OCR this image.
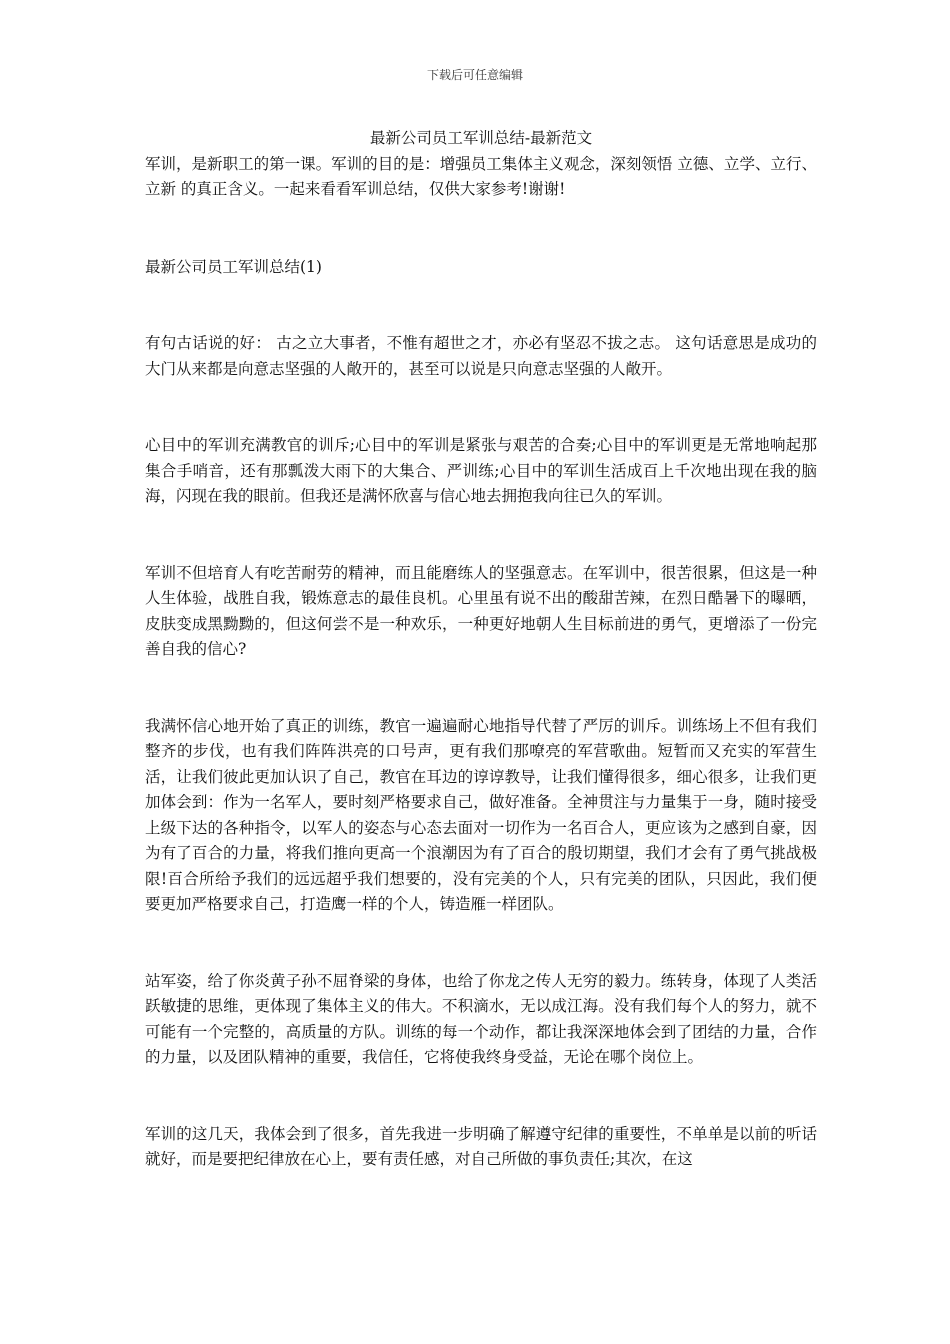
下载后可任意编辑
最新公司员工军训总结-最新范文

军训，是新职工的第一课。军训的目的是：增强员工集体主义观念，深刻领悟 立德、立学、立行、立新 的真正含义。一起来看看军训总结，仅供大家参考!谢谢!

最新公司员工军训总结(1)

有句古话说的好： 古之立大事者，不惟有超世之才，亦必有坚忍不拔之志。 这句话意思是成功的大门从来都是向意志坚强的人敞开的，甚至可以说是只向意志坚强的人敞开。

心目中的军训充满教官的训斥;心目中的军训是紧张与艰苦的合奏;心目中的军训更是无常地响起那集合手哨音，还有那瓢泼大雨下的大集合、严训练;心目中的军训生活成百上千次地出现在我的脑海，闪现在我的眼前。但我还是满怀欣喜与信心地去拥抱我向往已久的军训。

军训不但培育人有吃苦耐劳的精神，而且能磨练人的坚强意志。在军训中，很苦很累，但这是一种人生体验，战胜自我，锻炼意志的最佳良机。心里虽有说不出的酸甜苦辣，在烈日酷暑下的曝晒，皮肤变成黑黝黝的，但这何尝不是一种欢乐，一种更好地朝人生目标前进的勇气，更增添了一份完善自我的信心?

我满怀信心地开始了真正的训练，教官一遍遍耐心地指导代替了严厉的训斥。训练场上不但有我们整齐的步伐，也有我们阵阵洪亮的口号声，更有我们那嘹亮的军营歌曲。短暂而又充实的军营生活，让我们彼此更加认识了自己，教官在耳边的谆谆教导，让我们懂得很多，细心很多，让我们更加体会到：作为一名军人，要时刻严格要求自己，做好准备。全神贯注与力量集于一身，随时接受上级下达的各种指令，以军人的姿态与心态去面对一切作为一名百合人，更应该为之感到自豪，因为有了百合的力量，将我们推向更高一个浪潮因为有了百合的殷切期望，我们才会有了勇气挑战极限!百合所给予我们的远远超乎我们想要的，没有完美的个人，只有完美的团队，只因此，我们便要更加严格要求自己，打造鹰一样的个人，铸造雁一样团队。

站军姿，给了你炎黄子孙不屈脊梁的身体，也给了你龙之传人无穷的毅力。练转身，体现了人类活跃敏捷的思维，更体现了集体主义的伟大。不积滴水，无以成江海。没有我们每个人的努力，就不可能有一个完整的，高质量的方队。训练的每一个动作，都让我深深地体会到了团结的力量，合作的力量，以及团队精神的重要，我信任，它将使我终身受益，无论在哪个岗位上。

军训的这几天，我体会到了很多，首先我进一步明确了解遵守纪律的重要性，不单单是以前的听话就好，而是要把纪律放在心上，要有责任感，对自己所做的事负责任;其次，在这
